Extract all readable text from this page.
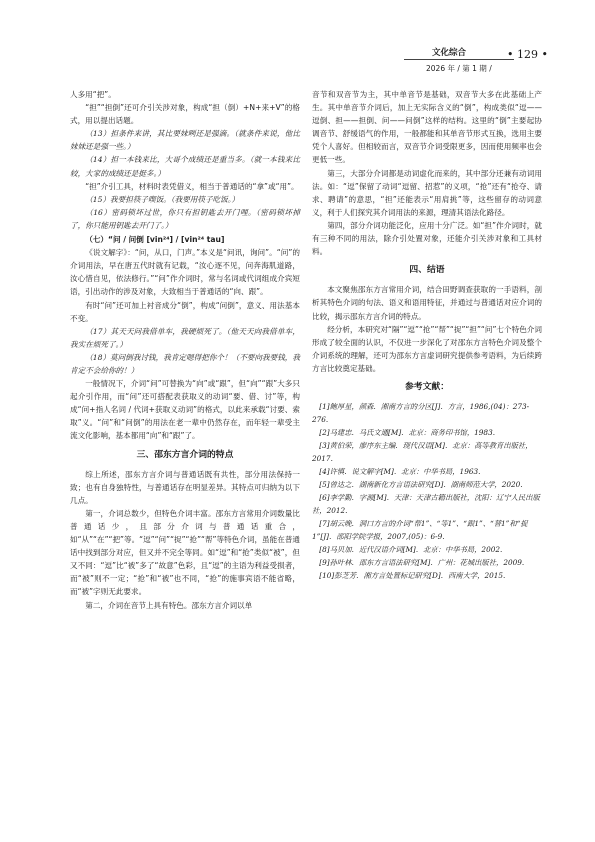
文化综合
2026 年 / 第 1 期 /
• 129 •

人多用“把”。

“担”“担倒”还可介引关涉对象，构成“担（倒）+N+来+V”的格式，用以提出话题。

（13）担条件来讲，其比要妹咧还是强滴。（就条件来说，他比妹妹还是强一些。）

（14）担一本钱来比，大哥个成绩还是重当多。（就一本钱来比较，大家的成绩还是挺多。）

“担”介引工具，材料时表凭借义，相当于普通话的“拿”或“用”。

（15）我要担筷子喫饭。（我要用筷子吃饭。）

（16）密码锁坏过世，你只有担钥匙去开门哩。（密码锁坏掉了，你只能用钥匙去开门了。）

（七）“问 / 问倒 [vin²⁴] / [vin²⁴ tau]

《说文解字》：“问，从口，门声。”本义是“问讯，询问”。“问”的介词用法，早在唐五代时就有记载，“汝心逐不见，问奔海肌道路，汝心惜自见，依法修行。”“问”作介词时，常与名词或代词组成介宾短语，引出动作的涉及对象，大致相当于普通话的“向、跟”。

有时“问”还可加上衬音成分“倒”，构成“问倒”，意义、用法基本不变。

（17）其天天问我借单车，我硬烦死了。（他天天向我借单车，我实在烦死了。）

（18）莫问倒我讨钱，我肯定嗯得把你个！（不要向我要钱，我肯定不会给你的！）

一般情况下，介词“问”可替换为“向”或“跟”，但“向”“跟”大多只起介引作用，而“问”还可搭配表获取义的动词“要、借、讨”等，构成“问+指人名词 / 代词+获取义动词”的格式，以此来承载“讨要、索取”义。“问”和“问倒”的用法在老一辈中仍然存在，而年轻一辈受主流文化影响，基本都用“向”和“跟”了。

三、邵东方言介词的特点

综上所述，邵东方言介词与普通话既有共性，部分用法保持一致；也有自身独特性，与普通话存在明显差异。其特点可归纳为以下几点。

第一，介词总数少，但特色介词丰富。邵东方言常用介词数量比普通话少，且部分介词与普通话重合，如“从”“在”“把”等。“逗”“问”“捉”“抢”“帮”等特色介词，虽能在普通话中找到部分对应，但又并不完全等同。如“逗”和“抢”类似“被”，但又不同：“逗”比“被”多了“故意”色彩，且“逗”的主语为利益受损者，而“被”则不一定；“抢”和“被”也不同，“抢”的施事宾语不能省略，而“被”字则无此要求。

第二，介词在音节上具有特色。邵东方言介词以单

音节和双音节为主，其中单音节是基础，双音节大多在此基础上产生。其中单音节介词后，加上无实际含义的“倒”，构成类似“逗——逗倒、担——担倒、问——问倒”这样的结构。这里的“倒”主要起协调音节、舒缓语气的作用，一般都能和其单音节形式互换，选用主要凭个人喜好。但相较而言，双音节介词受限更多，因而使用频率也会更低一些。

第三，大部分介词都是动词虚化而来的，其中部分还兼有动词用法。如：“逗”保留了动词“逗留、招惹”的义项，“抢”还有“抢夺、请求、聘请”的意思，“担”还能表示“用肩挑”等，这些留存的动词意义，利于人们探究其介词用法的来源，理清其语法化路径。

第四，部分介词功能泛化，应用十分广泛。如“担”作介词时，就有三种不同的用法，除介引处置对象，还能介引关涉对象和工具材料。

四、结语

本文聚焦邵东方言常用介词，结合田野调查获取的一手语料，剖析其特色介词的句法、语义和语用特征，并通过与普通话对应介词的比较，揭示邵东方言介词的特点。

经分析，本研究对“隔”“逗”“抢”“帮”“捉”“担”“问”七个特色介词形成了较全面的认识，不仅进一步深化了对邵东方言特色介词及整个介词系统的理解，还可为邵东方言虚词研究提供参考语料，为后续跨方言比较奠定基础。

参考文献：

[1]鲍厚星，颜森．湘南方言的分区[J]．方言，1986,(04)：273-276.

[2]马建忠．马氏文通[M]．北京：商务印书馆，1983.

[3]黄伯荣，廖序东主编．现代汉语[M]．北京：高等教育出版社，2017.

[4]许慎．说文解字[M]．北京：中华书局，1963.

[5]曾达之．湖南新化方言语法研究[D]．湖南师范大学，2020.

[6]李学勤．字源[M]．天津：天津古籍出版社，沈阳：辽宁人民出版社，2012.

[7]胡云晚．洞口方言的介词“帮1”、“等1”、“跟1”、“替1”和“捉1”[J]．邵阳学院学报，2007,(05)：6-9.

[8]马贝加．近代汉语介词[M]．北京：中华书局，2002.

[9]孙叶林．邵东方言语法研究[M]．广州：花城出版社，2009.

[10]彭芝芳．湘方言处置标记研究[D]．西南大学，2015.
